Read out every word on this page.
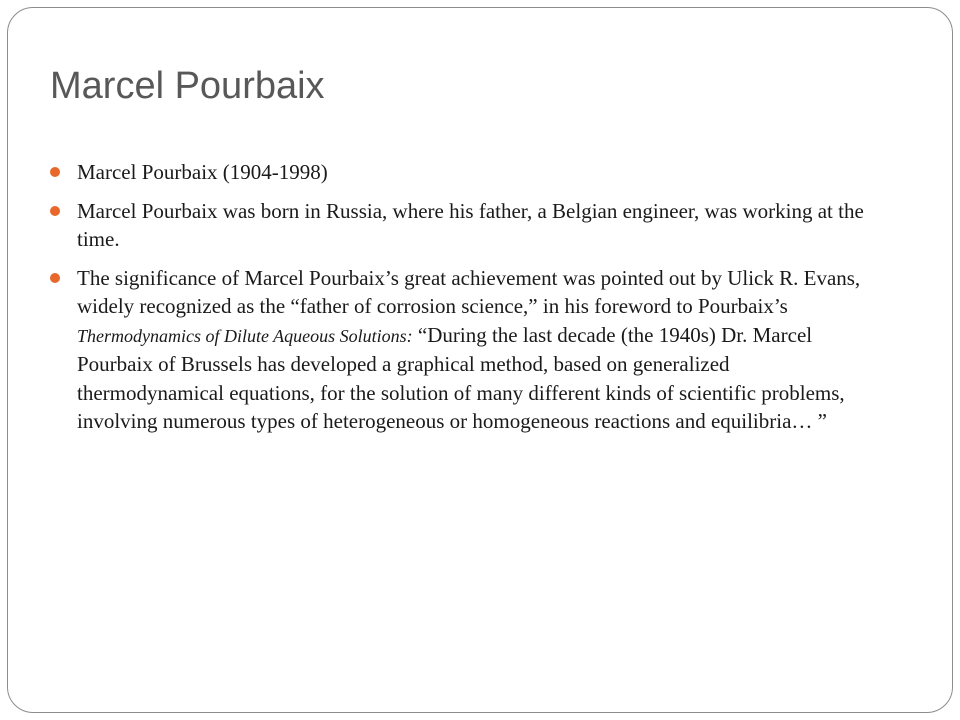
Marcel Pourbaix
Marcel Pourbaix (1904-1998)
Marcel Pourbaix was born in Russia, where his father, a Belgian engineer, was working at the time.
The significance of Marcel Pourbaix’s great achievement was pointed out by Ulick R. Evans, widely recognized as the “father of corrosion science,” in his foreword to Pourbaix’s Thermodynamics of Dilute Aqueous Solutions: “During the last decade (the 1940s) Dr. Marcel Pourbaix of Brussels has developed a graphical method, based on generalized thermodynamical equations, for the solution of many different kinds of scientific problems, involving numerous types of heterogeneous or homogeneous reactions and equilibria… ”
